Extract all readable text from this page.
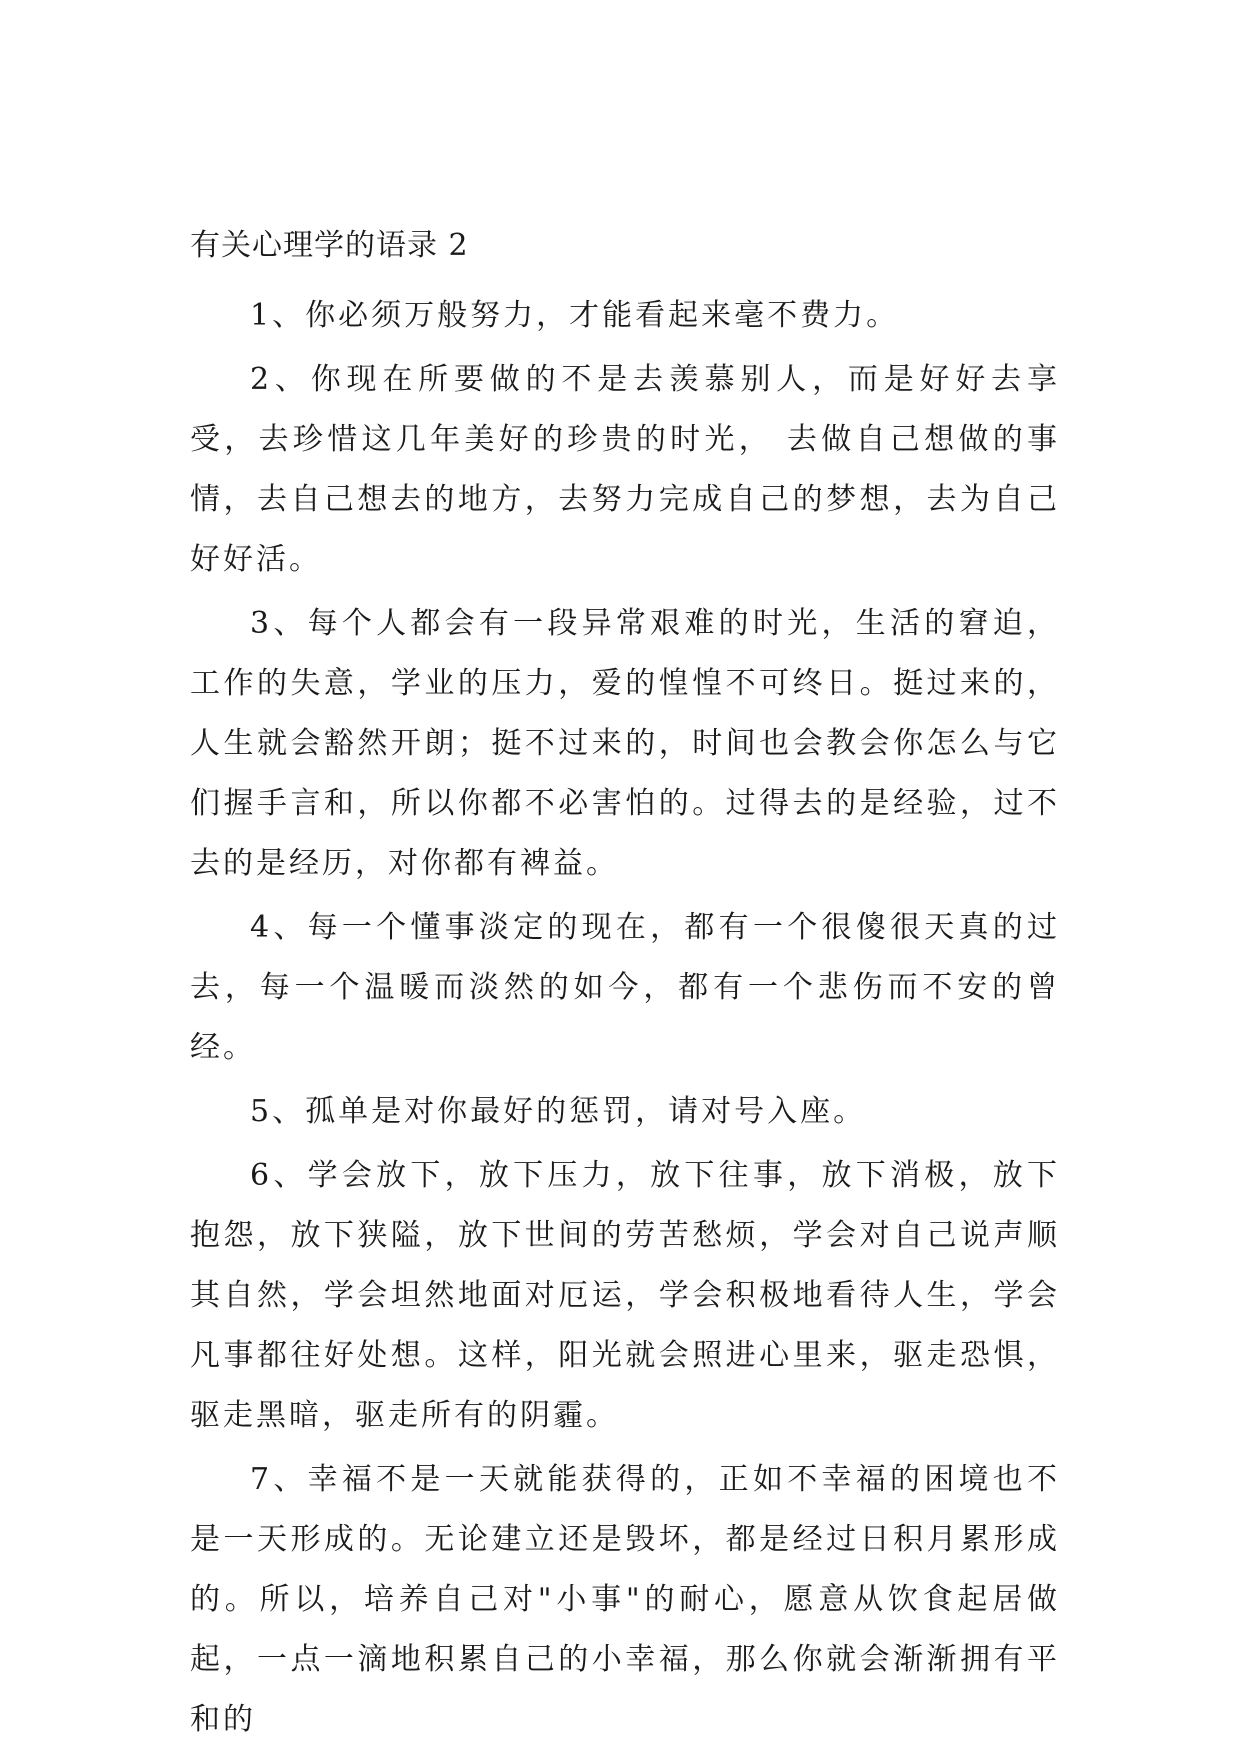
有关心理学的语录 2

1、你必须万般努力，才能看起来毫不费力。

2、你现在所要做的不是去羡慕别人，而是好好去享受，去珍惜这几年美好的珍贵的时光， 去做自己想做的事情，去自己想去的地方，去努力完成自己的梦想，去为自己好好活。

3、每个人都会有一段异常艰难的时光，生活的窘迫，工作的失意，学业的压力，爱的惶惶不可终日。挺过来的，人生就会豁然开朗；挺不过来的，时间也会教会你怎么与它们握手言和，所以你都不必害怕的。过得去的是经验，过不去的是经历，对你都有裨益。

4、每一个懂事淡定的现在，都有一个很傻很天真的过去，每一个温暖而淡然的如今，都有一个悲伤而不安的曾经。

5、孤单是对你最好的惩罚，请对号入座。

6、学会放下，放下压力，放下往事，放下消极，放下抱怨，放下狭隘，放下世间的劳苦愁烦，学会对自己说声顺其自然，学会坦然地面对厄运，学会积极地看待人生，学会凡事都往好处想。这样，阳光就会照进心里来，驱走恐惧，驱走黑暗，驱走所有的阴霾。

7、幸福不是一天就能获得的，正如不幸福的困境也不是一天形成的。无论建立还是毁坏，都是经过日积月累形成的。所以，培养自己对"小事"的耐心，愿意从饮食起居做起，一点一滴地积累自己的小幸福，那么你就会渐渐拥有平和的
